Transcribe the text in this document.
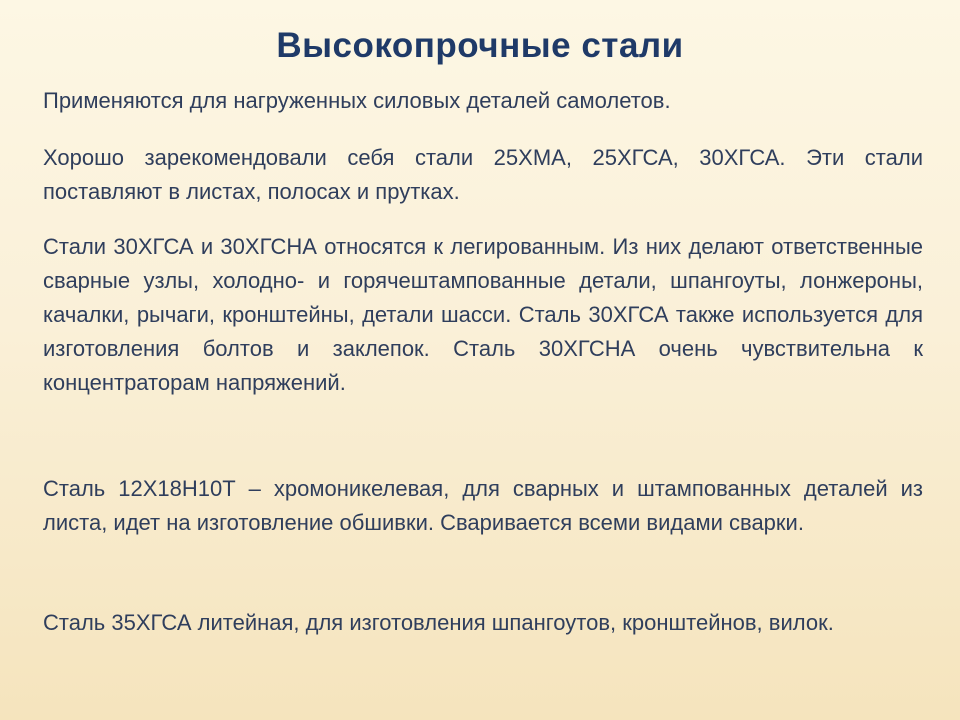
Высокопрочные стали

Применяются для нагруженных силовых деталей самолетов.

Хорошо зарекомендовали себя стали 25ХМА, 25ХГСА, 30ХГСА. Эти стали поставляют в листах, полосах и прутках.

Стали 30ХГСА и 30ХГСНА относятся к легированным. Из них делают ответственные сварные узлы, холодно- и горячештампованные детали, шпангоуты, лонжероны, качалки, рычаги, кронштейны, детали шасси. Сталь 30ХГСА также используется для изготовления болтов и заклепок. Сталь 30ХГСНА очень чувствительна к концентраторам напряжений.

Сталь 12Х18Н10Т – хромоникелевая, для сварных и штампованных деталей из листа, идет на изготовление обшивки. Сваривается всеми видами сварки.

Сталь 35ХГСА литейная, для изготовления шпангоутов, кронштейнов, вилок.
